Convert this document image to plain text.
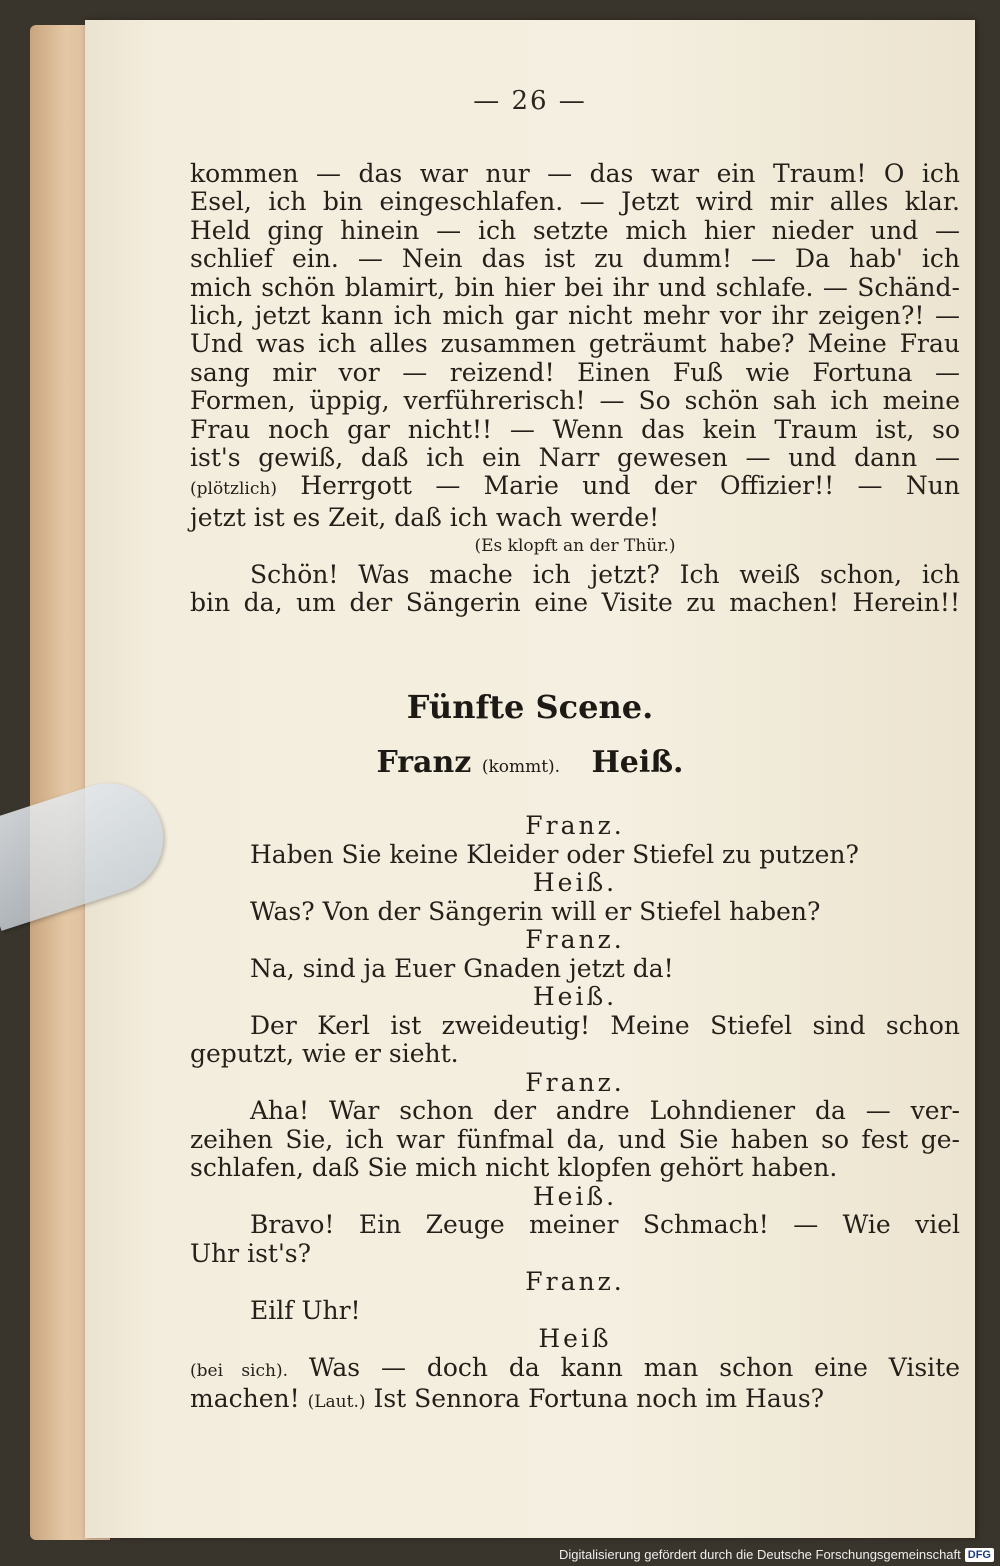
— 26 —
kommen — das war nur — das war ein Traum! O ich
Esel, ich bin eingeschlafen. — Jetzt wird mir alles klar.
Held ging hinein — ich setzte mich hier nieder und —
schlief ein. — Nein das ist zu dumm! — Da hab' ich
mich schön blamirt, bin hier bei ihr und schlafe. — Schänd-
lich, jetzt kann ich mich gar nicht mehr vor ihr zeigen?! —
Und was ich alles zusammen geträumt habe? Meine Frau
sang mir vor — reizend! Einen Fuß wie Fortuna —
Formen, üppig, verführerisch! — So schön sah ich meine
Frau noch gar nicht!! — Wenn das kein Traum ist, so
ist's gewiß, daß ich ein Narr gewesen — und dann —
(plötzlich) Herrgott — Marie und der Offizier!! — Nun
jetzt ist es Zeit, daß ich wach werde!
(Es klopft an der Thür.)
Schön! Was mache ich jetzt? Ich weiß schon, ich
bin da, um der Sängerin eine Visite zu machen! Herein!!
Fünfte Scene.
Franz (kommt). Heiß.
Franz.
Haben Sie keine Kleider oder Stiefel zu putzen?
Heiß.
Was? Von der Sängerin will er Stiefel haben?
Franz.
Na, sind ja Euer Gnaden jetzt da!
Heiß.
Der Kerl ist zweideutig! Meine Stiefel sind schon
geputzt, wie er sieht.
Franz.
Aha! War schon der andre Lohndiener da — ver-
zeihen Sie, ich war fünfmal da, und Sie haben so fest ge-
schlafen, daß Sie mich nicht klopfen gehört haben.
Heiß.
Bravo! Ein Zeuge meiner Schmach! — Wie viel
Uhr ist's?
Franz.
Eilf Uhr!
Heiß
(bei sich). Was — doch da kann man schon eine Visite
machen! (Laut.) Ist Sennora Fortuna noch im Haus?
Digitalisierung gefördert durch die Deutsche Forschungsgemeinschaft DFG
